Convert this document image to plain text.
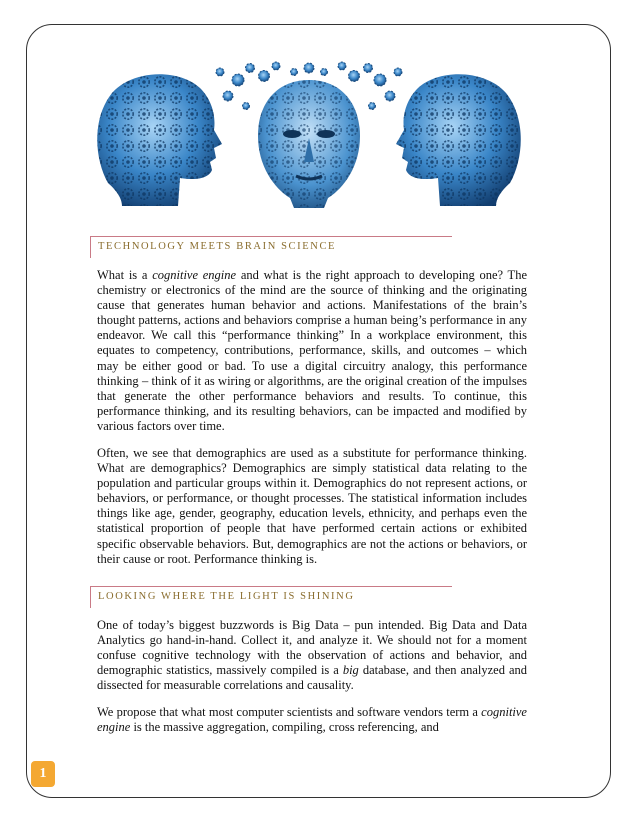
TECHNOLOGY MEETS BRAIN SCIENCE

What is a cognitive engine and what is the right approach to developing one? The chemistry or electronics of the mind are the source of thinking and the originating cause that generates human behavior and actions. Manifestations of the brain’s thought patterns, actions and behaviors comprise a human being’s performance in any endeavor. We call this “performance thinking” In a workplace environment, this equates to competency, contributions, performance, skills, and outcomes – which may be either good or bad. To use a digital circuitry analogy, this performance thinking – think of it as wiring or algorithms, are the original creation of the impulses that generate the other performance behaviors and results. To continue, this performance thinking, and its resulting behaviors, can be impacted and modified by various factors over time.

Often, we see that demographics are used as a substitute for performance thinking. What are demographics? Demographics are simply statistical data relating to the population and particular groups within it. Demographics do not represent actions, or behaviors, or performance, or thought processes. The statistical information includes things like age, gender, geography, education levels, ethnicity, and perhaps even the statistical proportion of people that have performed certain actions or exhibited specific observable behaviors. But, demographics are not the actions or behaviors, or their cause or root. Performance thinking is.

LOOKING WHERE THE LIGHT IS SHINING

One of today’s biggest buzzwords is Big Data – pun intended. Big Data and Data Analytics go hand-in-hand. Collect it, and analyze it. We should not for a moment confuse cognitive technology with the observation of actions and behavior, and demographic statistics, massively compiled is a big database, and then analyzed and dissected for measurable correlations and causality.

We propose that what most computer scientists and software vendors term a cognitive engine is the massive aggregation, compiling, cross referencing, and

1
